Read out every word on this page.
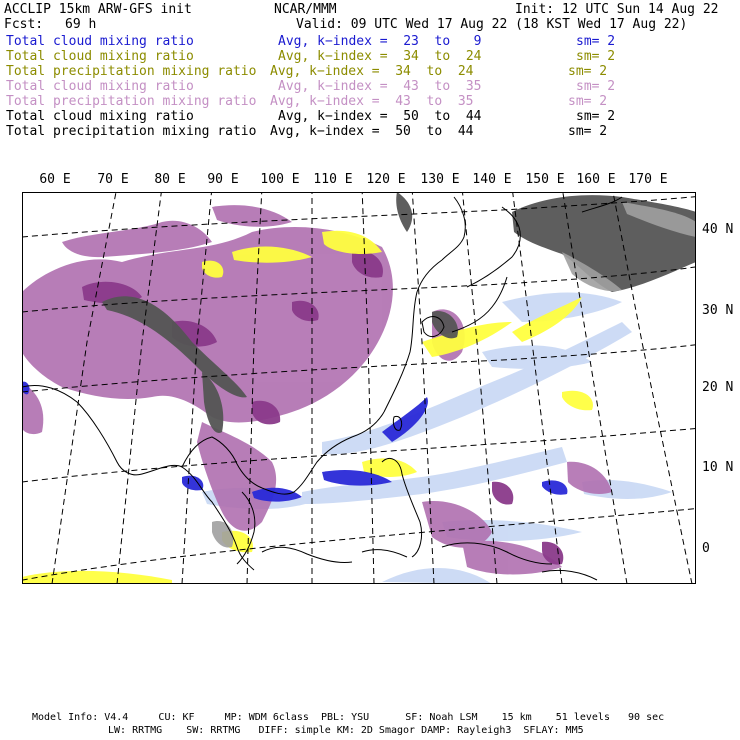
ACCLIP 15km ARW-GFS init	NCAR/MMM	Init: 12 UTC Sun 14 Aug 22
Fcst: 69 h	Valid: 09 UTC Wed 17 Aug 22 (18 KST Wed 17 Aug 22)
Total cloud mixing ratio	Avg, k−index =  23  to   9	sm= 2
Total cloud mixing ratio	Avg, k−index =  34  to  24	sm= 2
Total precipitation mixing ratio Avg, k−index =  34  to  24	sm= 2
Total cloud mixing ratio	Avg, k−index =  43  to  35	sm= 2
Total precipitation mixing ratio Avg, k−index =  43  to  35	sm= 2
Total cloud mixing ratio	Avg, k−index =  50  to  44	sm= 2
Total precipitation mixing ratio Avg, k−index =  50  to  44	sm= 2
60 E 70 E 80 E 90 E 100 E 110 E 120 E 130 E 140 E 150 E 160 E 170 E
40 N
30 N
20 N
10 N
0
Model Info: V4.4     CU: KF     MP: WDM 6class  PBL: YSU      SF: Noah LSM    15 km    51 levels   90 sec
LW: RRTMG    SW: RRTMG   DIFF: simple KM: 2D Smagor DAMP: Rayleigh3  SFLAY: MM5
